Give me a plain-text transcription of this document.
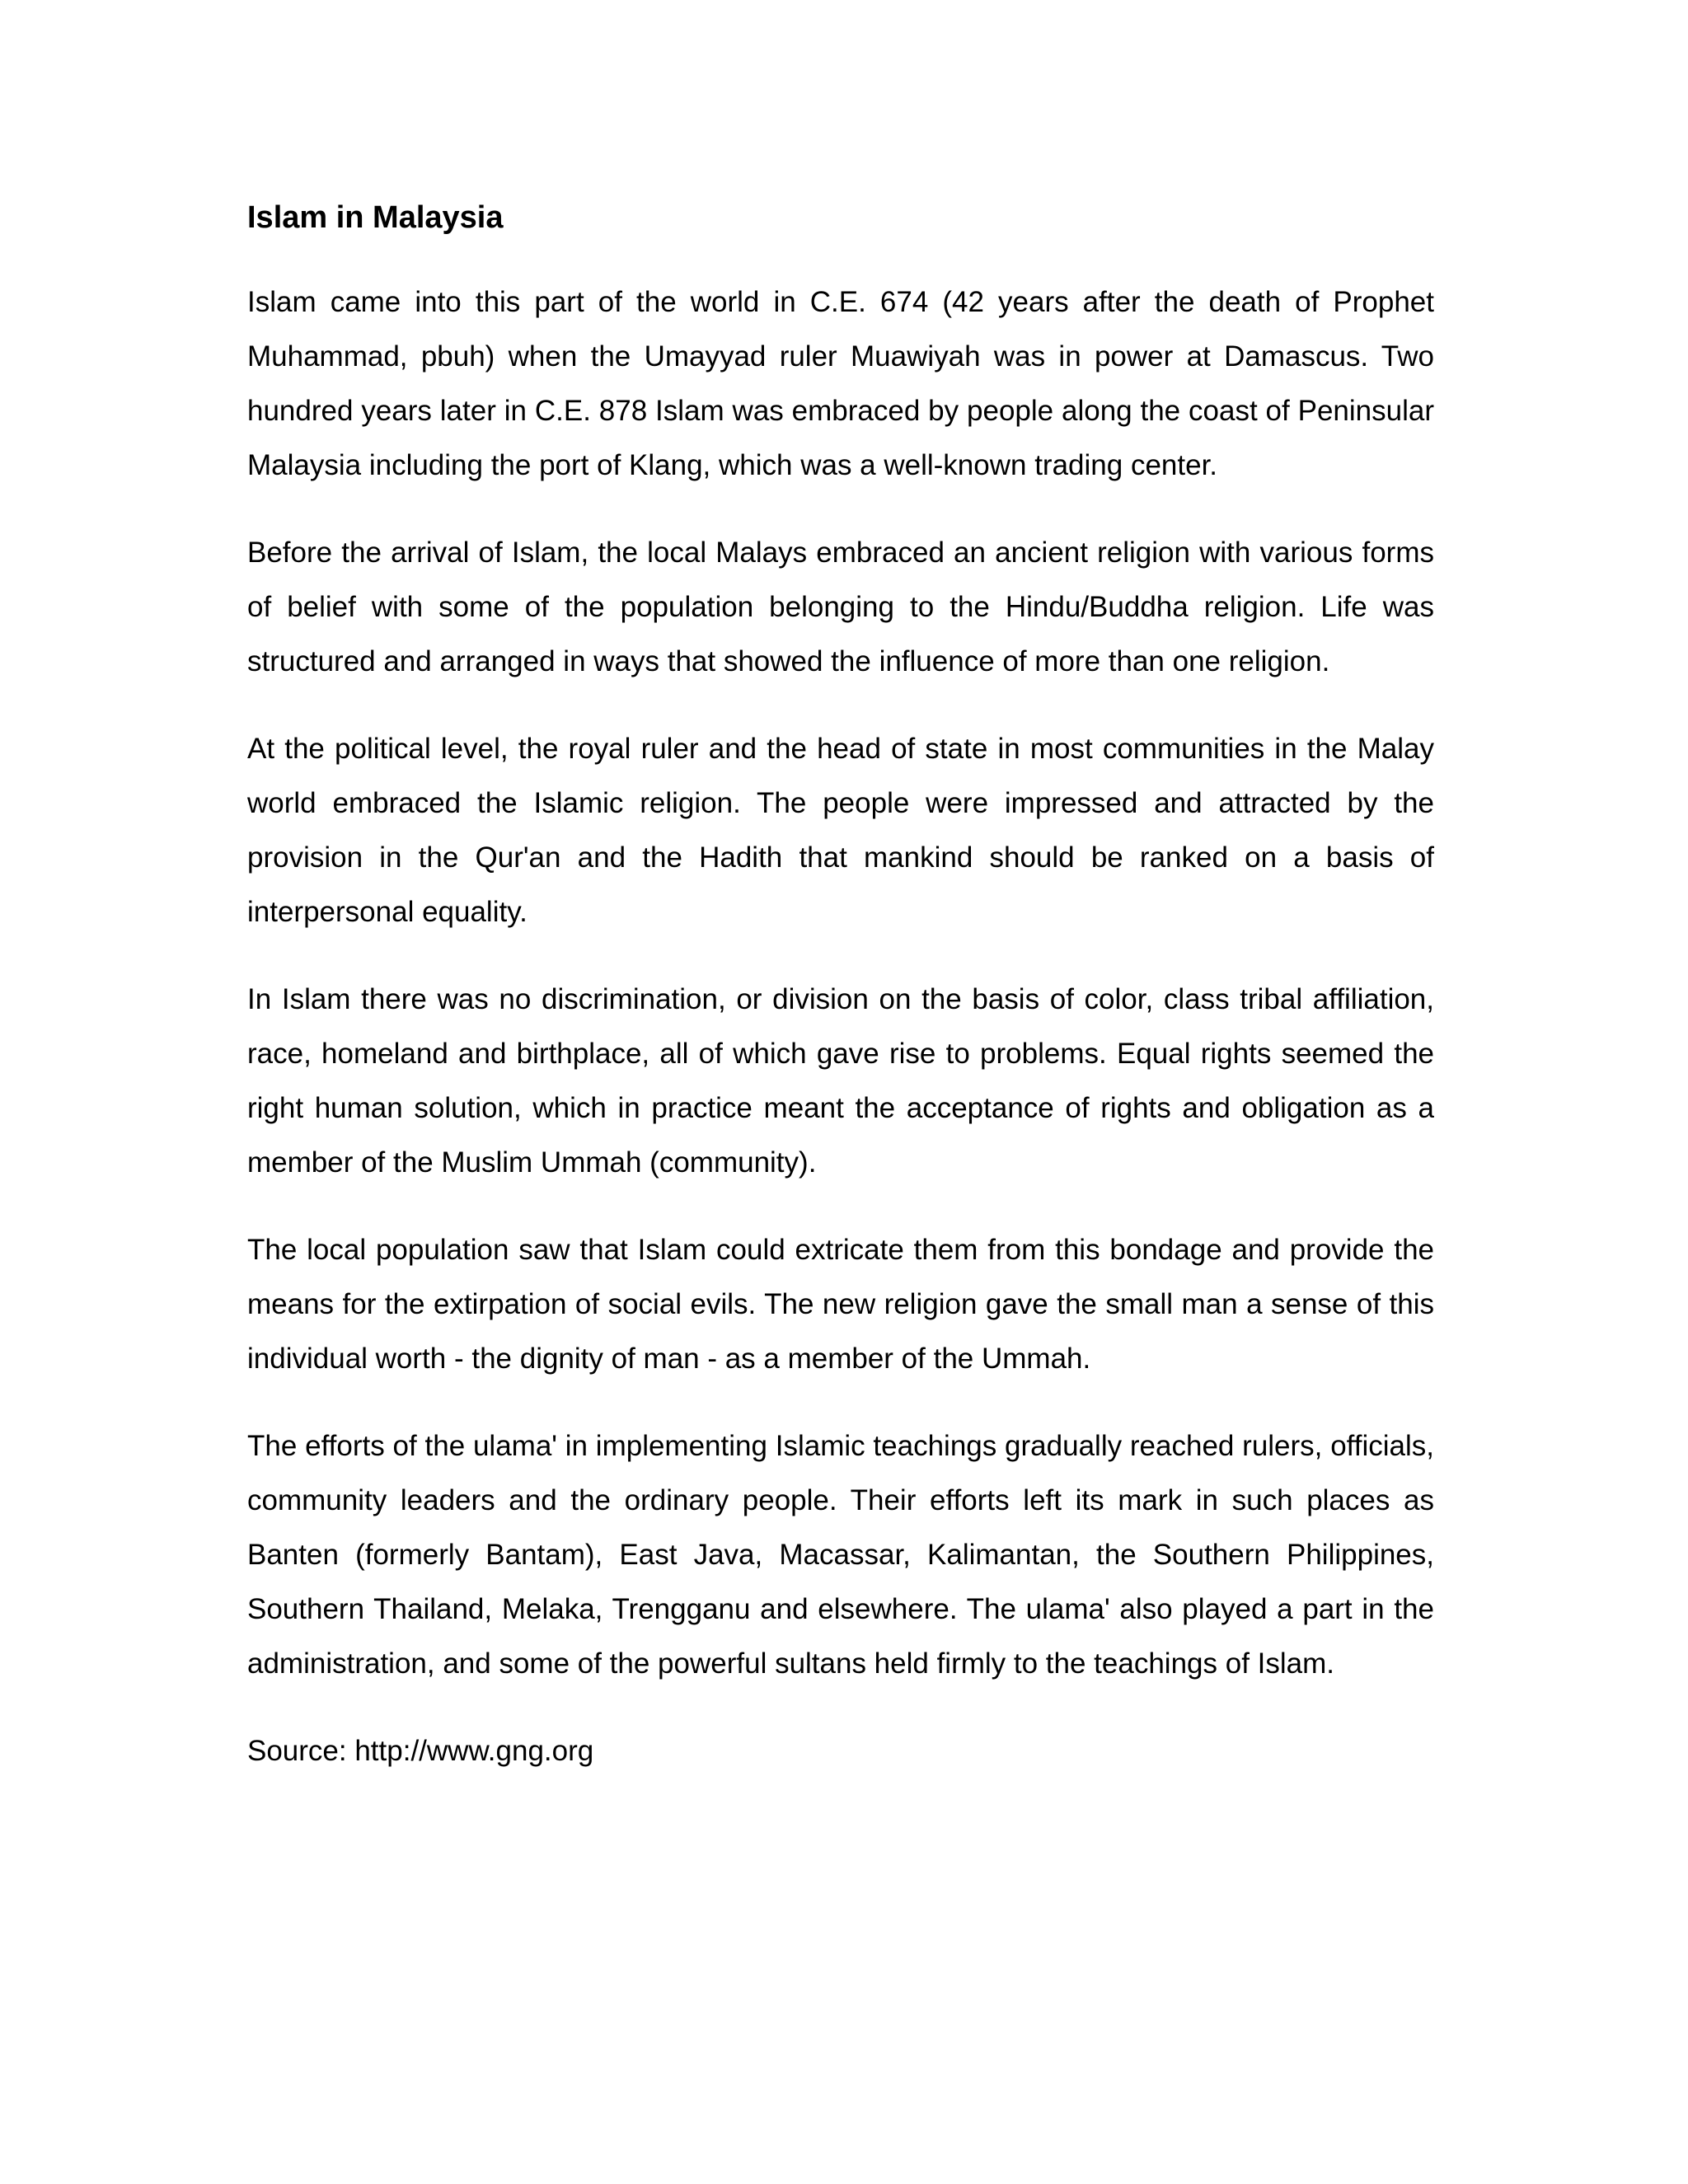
Islam in Malaysia

Islam came into this part of the world in C.E. 674 (42 years after the death of Prophet Muhammad, pbuh) when the Umayyad ruler Muawiyah was in power at Damascus. Two hundred years later in C.E. 878 Islam was embraced by people along the coast of Peninsular Malaysia including the port of Klang, which was a well-known trading center.

Before the arrival of Islam, the local Malays embraced an ancient religion with various forms of belief with some of the population belonging to the Hindu/Buddha religion. Life was structured and arranged in ways that showed the influence of more than one religion.

At the political level, the royal ruler and the head of state in most communities in the Malay world embraced the Islamic religion. The people were impressed and attracted by the provision in the Qur'an and the Hadith that mankind should be ranked on a basis of interpersonal equality.

In Islam there was no discrimination, or division on the basis of color, class tribal affiliation, race, homeland and birthplace, all of which gave rise to problems. Equal rights seemed the right human solution, which in practice meant the acceptance of rights and obligation as a member of the Muslim Ummah (community).

The local population saw that Islam could extricate them from this bondage and provide the means for the extirpation of social evils. The new religion gave the small man a sense of this individual worth - the dignity of man - as a member of the Ummah.

The efforts of the ulama' in implementing Islamic teachings gradually reached rulers, officials, community leaders and the ordinary people. Their efforts left its mark in such places as Banten (formerly Bantam), East Java, Macassar, Kalimantan, the Southern Philippines, Southern Thailand, Melaka, Trengganu and elsewhere. The ulama' also played a part in the administration, and some of the powerful sultans held firmly to the teachings of Islam.

Source: http://www.gng.org
